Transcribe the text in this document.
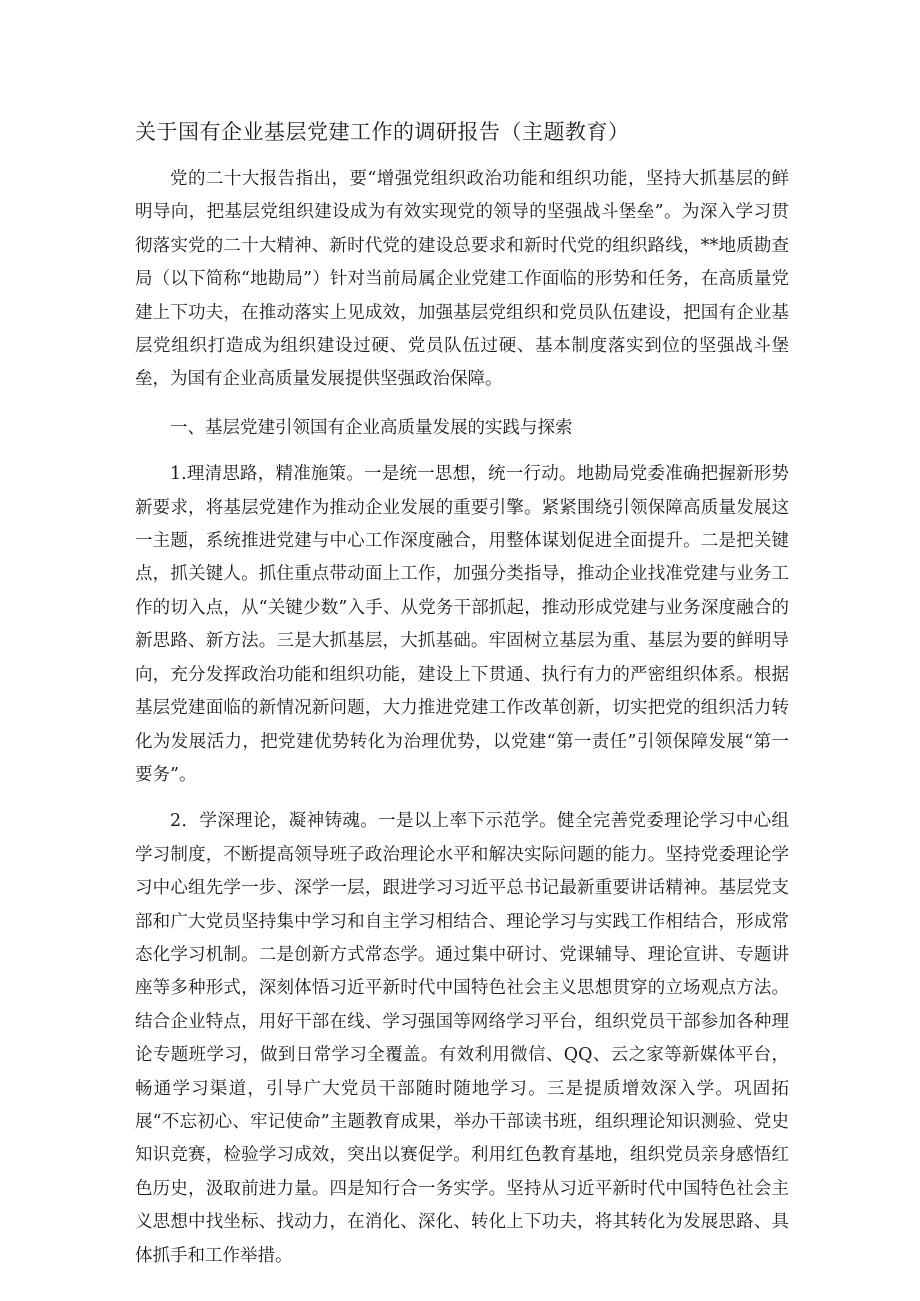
关于国有企业基层党建工作的调研报告（主题教育）

党的二十大报告指出，要“增强党组织政治功能和组织功能，坚持大抓基层的鲜明导向，把基层党组织建设成为有效实现党的领导的坚强战斗堡垒”。为深入学习贯彻落实党的二十大精神、新时代党的建设总要求和新时代党的组织路线，**地质勘查局（以下简称“地勘局”）针对当前局属企业党建工作面临的形势和任务，在高质量党建上下功夫，在推动落实上见成效，加强基层党组织和党员队伍建设，把国有企业基层党组织打造成为组织建设过硬、党员队伍过硬、基本制度落实到位的坚强战斗堡垒，为国有企业高质量发展提供坚强政治保障。

一、基层党建引领国有企业高质量发展的实践与探索

1.理清思路，精准施策。一是统一思想，统一行动。地勘局党委准确把握新形势新要求，将基层党建作为推动企业发展的重要引擎。紧紧围绕引领保障高质量发展这一主题，系统推进党建与中心工作深度融合，用整体谋划促进全面提升。二是把关键点，抓关键人。抓住重点带动面上工作，加强分类指导，推动企业找准党建与业务工作的切入点，从“关键少数”入手、从党务干部抓起，推动形成党建与业务深度融合的新思路、新方法。三是大抓基层，大抓基础。牢固树立基层为重、基层为要的鲜明导向，充分发挥政治功能和组织功能，建设上下贯通、执行有力的严密组织体系。根据基层党建面临的新情况新问题，大力推进党建工作改革创新，切实把党的组织活力转化为发展活力，把党建优势转化为治理优势，以党建“第一责任”引领保障发展“第一要务”。

2．学深理论，凝神铸魂。一是以上率下示范学。健全完善党委理论学习中心组学习制度，不断提高领导班子政治理论水平和解决实际问题的能力。坚持党委理论学习中心组先学一步、深学一层，跟进学习习近平总书记最新重要讲话精神。基层党支部和广大党员坚持集中学习和自主学习相结合、理论学习与实践工作相结合，形成常态化学习机制。二是创新方式常态学。通过集中研讨、党课辅导、理论宣讲、专题讲座等多种形式，深刻体悟习近平新时代中国特色社会主义思想贯穿的立场观点方法。结合企业特点，用好干部在线、学习强国等网络学习平台，组织党员干部参加各种理论专题班学习，做到日常学习全覆盖。有效利用微信、QQ、云之家等新媒体平台，畅通学习渠道，引导广大党员干部随时随地学习。三是提质增效深入学。巩固拓展“不忘初心、牢记使命”主题教育成果，举办干部读书班，组织理论知识测验、党史知识竞赛，检验学习成效，突出以赛促学。利用红色教育基地，组织党员亲身感悟红色历史，汲取前进力量。四是知行合一务实学。坚持从习近平新时代中国特色社会主义思想中找坐标、找动力，在消化、深化、转化上下功夫，将其转化为发展思路、具体抓手和工作举措。
